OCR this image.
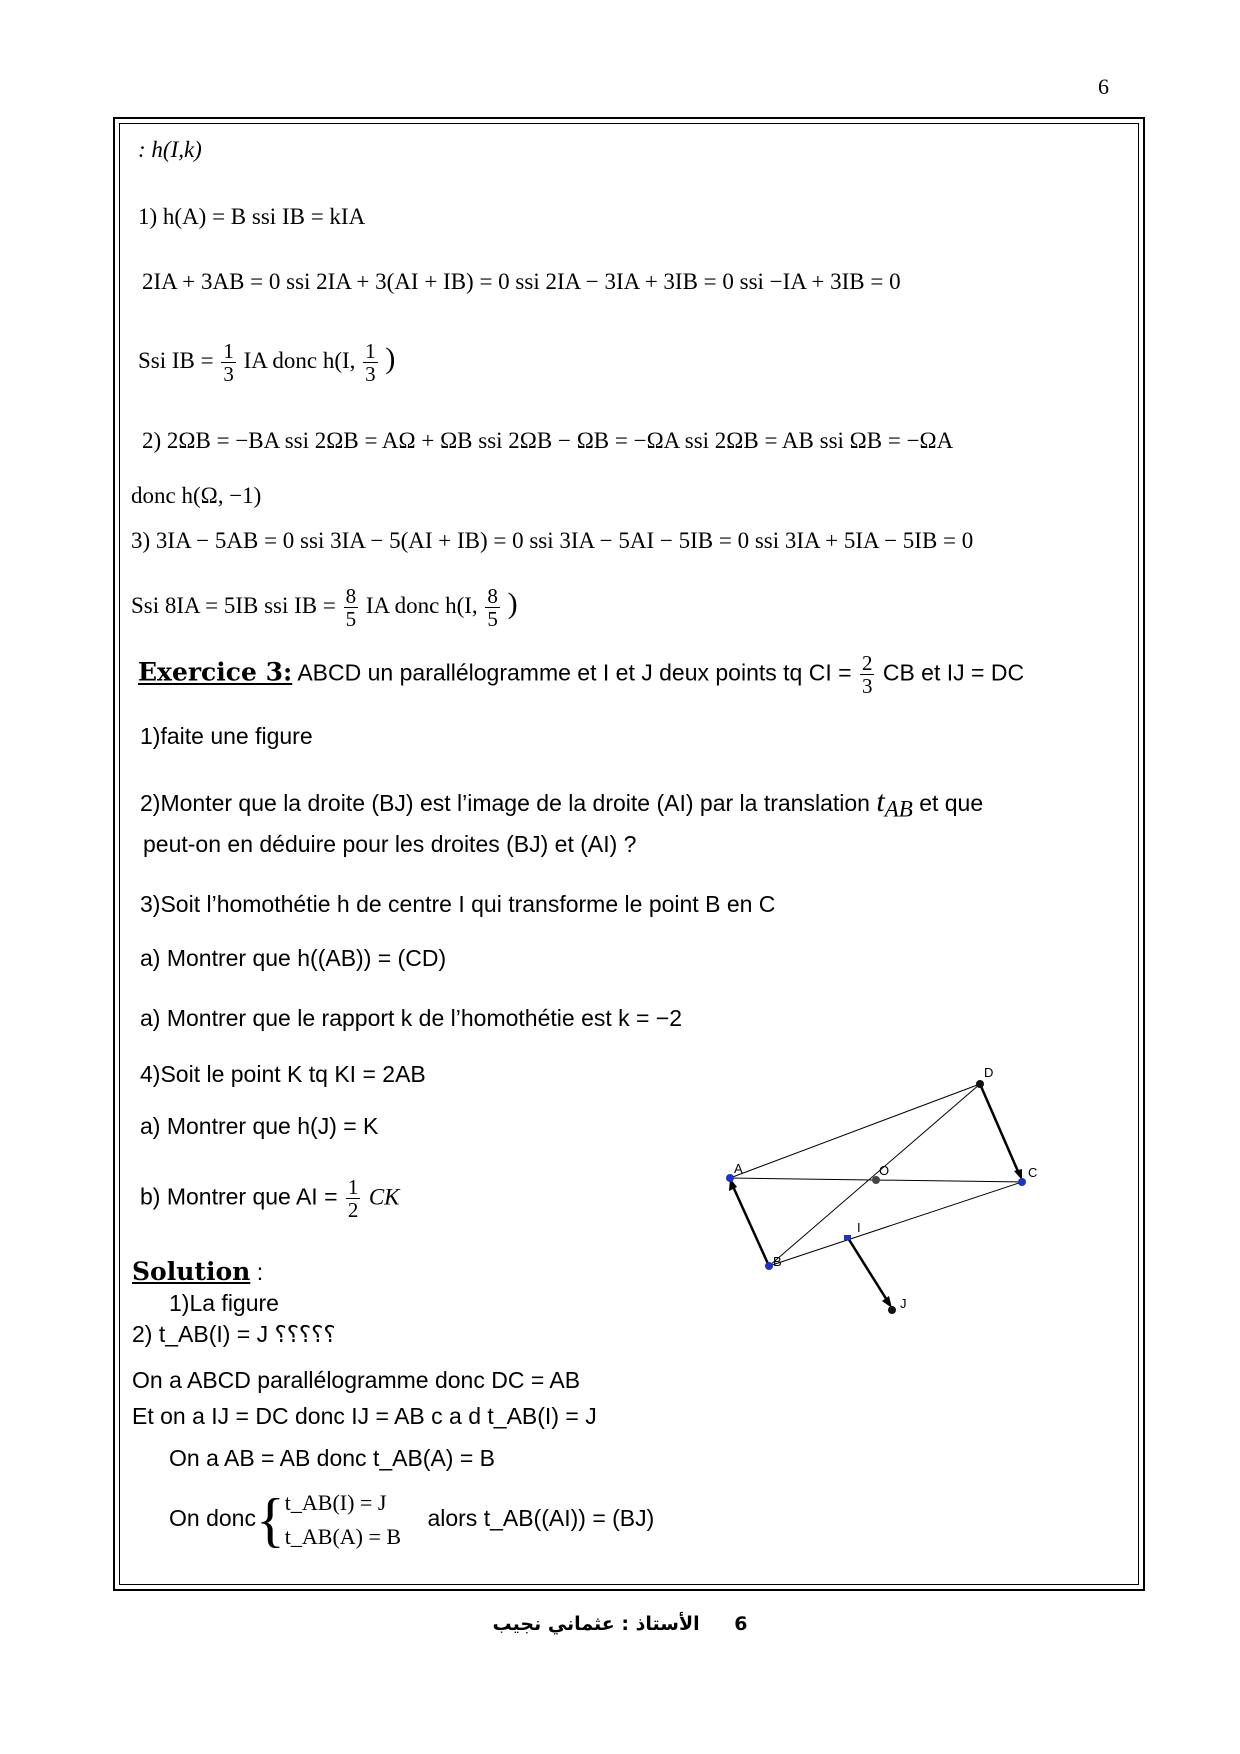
6
: h(I,k)
1) h(A) = B ssi IB = kIA
2IA + 3AB = 0 ssi 2IA + 3(AI + IB) = 0 ssi 2IA − 3IA + 3IB = 0 ssi −IA + 3IB = 0
Ssi IB = $\frac{1}{3}$ IA donc h(I, $\frac{1}{3}$ )
2) 2ΩB = −BA ssi 2ΩB = AΩ + ΩB ssi 2ΩB − ΩB = −ΩA ssi 2ΩB = AB ssi ΩB = −ΩA
donc h(Ω, −1)
3) 3IA − 5AB = 0 ssi 3IA − 5(AI + IB) = 0 ssi 3IA − 5AI − 5IB = 0 ssi 3IA + 5IA − 5IB = 0
Ssi 8IA = 5IB ssi IB = $\frac{8}{5}$ IA donc h(I, $\frac{8}{5}$ )
Exercice 3: ABCD un parallélogramme et I et J deux points tq CI = $\frac{2}{3}$ CB et IJ = DC
1)faite une figure
2)Monter que la droite (BJ) est l’image de la droite (AI) par la translation $t_{AB}$ et que
peut-on en déduire pour les droites (BJ) et (AI) ?
3)Soit l’homothétie h de centre I qui transforme le point B en C
a) Montrer que h((AB)) = (CD)
a) Montrer que le rapport k de l’homothétie est k = −2
4)Soit le point K tq KI = 2AB
a) Montrer que h(J) = K
b) Montrer que AI = $\frac{1}{2}$ CK
Solution :
1)La figure
2) t_AB(I) = J ؟؟؟؟؟
On a ABCD parallélogramme donc DC = AB
Et on a IJ = DC donc IJ = AB c a d t_AB(I) = J
On a AB = AB donc t_AB(A) = B
On donc{t_AB(I) = J
t_AB(A) = B alors t_AB((AI)) = (BJ)
A
B
C
D
O
I
J
الأستاذ : عثماني نجيب 6
